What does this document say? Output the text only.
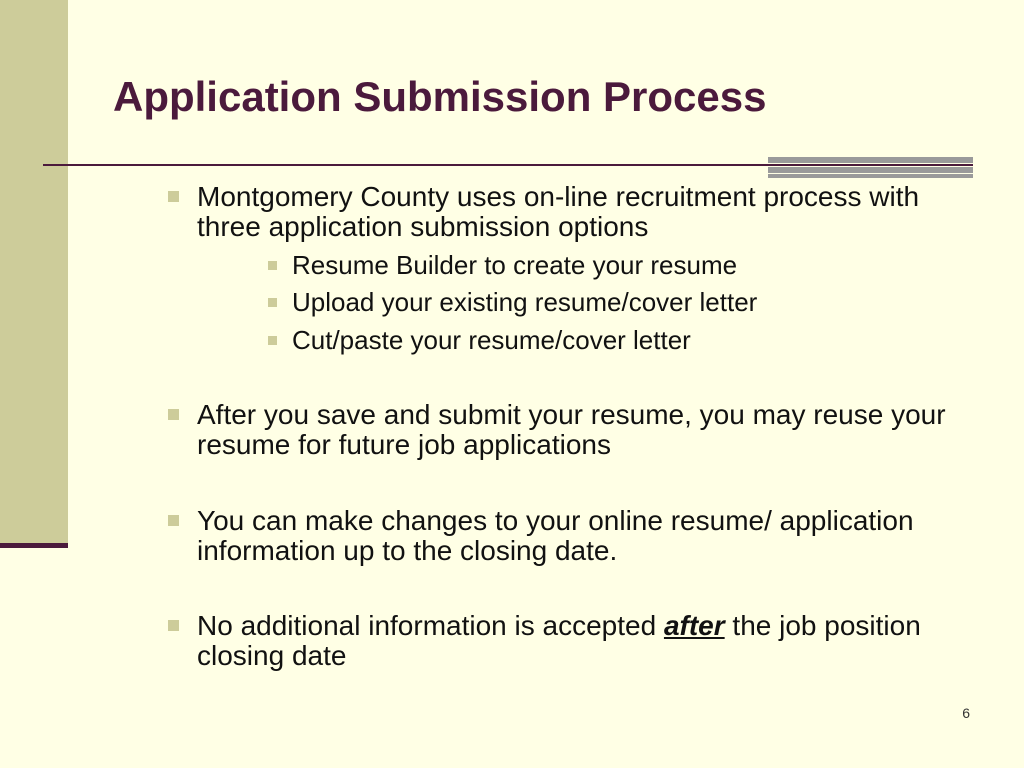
Application Submission Process
Montgomery County uses on-line recruitment process with three application submission options
Resume Builder to create your resume
Upload your existing resume/cover letter
Cut/paste your resume/cover letter
After you save and submit your resume, you may reuse your resume for future job applications
You can make changes to your online resume/ application information up to the closing date.
No additional information is accepted after the job position closing date
6
